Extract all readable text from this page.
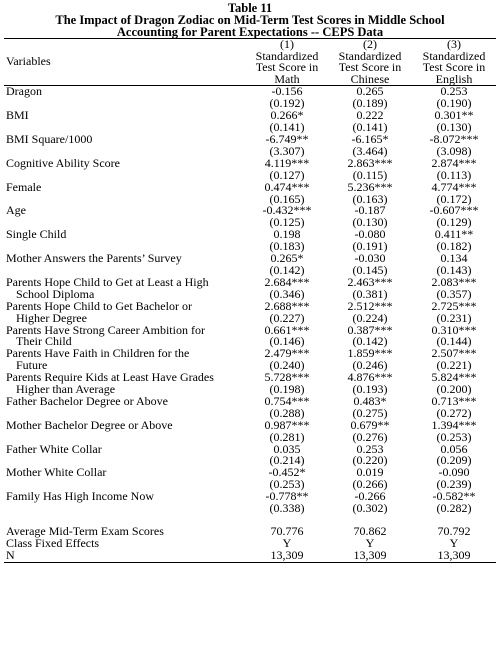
Table 11
The Impact of Dragon Zodiac on Mid-Term Test Scores in Middle School
Accounting for Parent Expectations -- CEPS Data
Variables	(1)	(2)	(3)
	Standardized	Standardized	Standardized
	Test Score in	Test Score in	Test Score in
	Math	Chinese	English

Dragon	-0.156	0.265	0.253
	(0.192)	(0.189)	(0.190)

BMI	0.266*	0.222	0.301**
	(0.141)	(0.141)	(0.130)

BMI Square/1000	-6.749**	-6.165*	-8.072***
	(3.307)	(3.464)	(3.098)

Cognitive Ability Score	4.119***	2.863***	2.874***
	(0.127)	(0.115)	(0.113)

Female	0.474***	5.236***	4.774***
	(0.165)	(0.163)	(0.172)

Age	-0.432***	-0.187	-0.607***
	(0.125)	(0.130)	(0.129)

Single Child	0.198	-0.080	0.411**
	(0.183)	(0.191)	(0.182)

Mother Answers the Parents’ Survey	0.265*	-0.030	0.134
	(0.142)	(0.145)	(0.143)

Parents Hope Child to Get at Least a High
School Diploma	2.684***	2.463***	2.083***
	(0.346)	(0.381)	(0.357)

Parents Hope Child to Get Bachelor or
Higher Degree	2.688***	2.512***	2.725***
	(0.227)	(0.224)	(0.231)

Parents Have Strong Career Ambition for
Their Child	0.661***	0.387***	0.310***
	(0.146)	(0.142)	(0.144)

Parents Have Faith in Children for the
Future	2.479***	1.859***	2.507***
	(0.240)	(0.246)	(0.221)

Parents Require Kids at Least Have Grades
Higher than Average	5.728***	4.876***	5.824***
	(0.198)	(0.193)	(0.200)

Father Bachelor Degree or Above	0.754***	0.483*	0.713***
	(0.288)	(0.275)	(0.272)

Mother Bachelor Degree or Above	0.987***	0.679**	1.394***
	(0.281)	(0.276)	(0.253)

Father White Collar	0.035	0.253	0.056
	(0.214)	(0.220)	(0.209)

Mother White Collar	-0.452*	0.019	-0.090
	(0.253)	(0.266)	(0.239)

Family Has High Income Now	-0.778**	-0.266	-0.582**
	(0.338)	(0.302)	(0.282)

Average Mid-Term Exam Scores	70.776	70.862	70.792
Class Fixed Effects	Y	Y	Y
N	13,309	13,309	13,309
